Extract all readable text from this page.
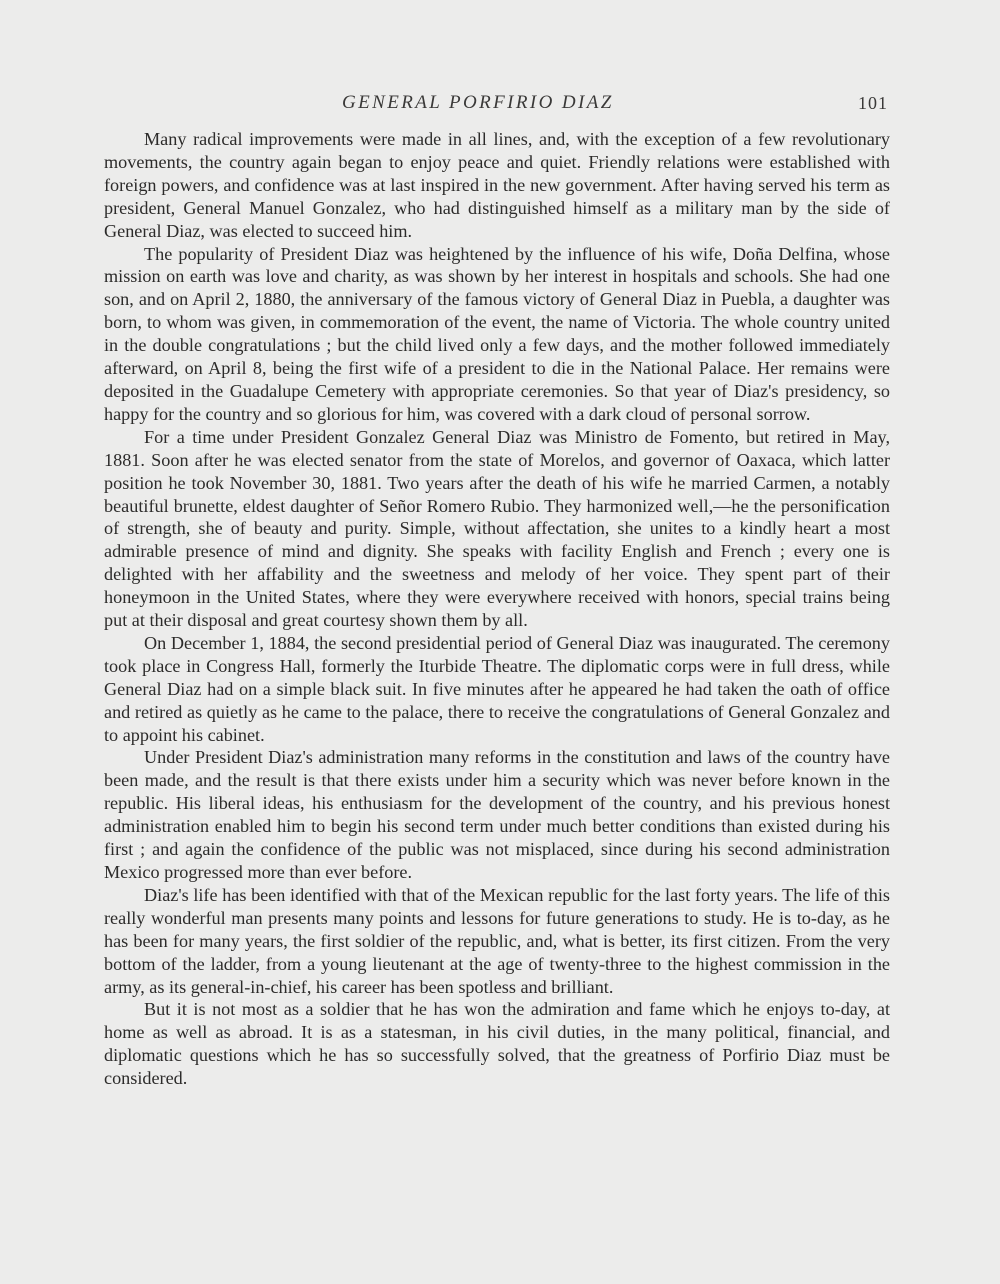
GENERAL PORFIRIO DIAZ	101

Many radical improvements were made in all lines, and, with the exception of a few revolutionary movements, the country again began to enjoy peace and quiet. Friendly relations were established with foreign powers, and confidence was at last inspired in the new government. After having served his term as president, General Manuel Gonzalez, who had distinguished himself as a military man by the side of General Diaz, was elected to succeed him.

The popularity of President Diaz was heightened by the influence of his wife, Doña Delfina, whose mission on earth was love and charity, as was shown by her interest in hospitals and schools. She had one son, and on April 2, 1880, the anniversary of the famous victory of General Diaz in Puebla, a daughter was born, to whom was given, in commemoration of the event, the name of Victoria. The whole country united in the double congratulations ; but the child lived only a few days, and the mother followed immediately afterward, on April 8, being the first wife of a president to die in the National Palace. Her remains were deposited in the Guadalupe Cemetery with appropriate ceremonies. So that year of Diaz's presidency, so happy for the country and so glorious for him, was covered with a dark cloud of personal sorrow.

For a time under President Gonzalez General Diaz was Ministro de Fomento, but retired in May, 1881. Soon after he was elected senator from the state of Morelos, and governor of Oaxaca, which latter position he took November 30, 1881. Two years after the death of his wife he married Carmen, a notably beautiful brunette, eldest daughter of Señor Romero Rubio. They harmonized well,—he the personification of strength, she of beauty and purity. Simple, without affectation, she unites to a kindly heart a most admirable presence of mind and dignity. She speaks with facility English and French ; every one is delighted with her affability and the sweetness and melody of her voice. They spent part of their honeymoon in the United States, where they were everywhere received with honors, special trains being put at their disposal and great courtesy shown them by all.

On December 1, 1884, the second presidential period of General Diaz was inaugurated. The ceremony took place in Congress Hall, formerly the Iturbide Theatre. The diplomatic corps were in full dress, while General Diaz had on a simple black suit. In five minutes after he appeared he had taken the oath of office and retired as quietly as he came to the palace, there to receive the congratulations of General Gonzalez and to appoint his cabinet.

Under President Diaz's administration many reforms in the constitution and laws of the country have been made, and the result is that there exists under him a security which was never before known in the republic. His liberal ideas, his enthusiasm for the development of the country, and his previous honest administration enabled him to begin his second term under much better conditions than existed during his first ; and again the confidence of the public was not misplaced, since during his second administration Mexico progressed more than ever before.

Diaz's life has been identified with that of the Mexican republic for the last forty years. The life of this really wonderful man presents many points and lessons for future generations to study. He is to-day, as he has been for many years, the first soldier of the republic, and, what is better, its first citizen. From the very bottom of the ladder, from a young lieutenant at the age of twenty-three to the highest commission in the army, as its general-in-chief, his career has been spotless and brilliant.

But it is not most as a soldier that he has won the admiration and fame which he enjoys to-day, at home as well as abroad. It is as a statesman, in his civil duties, in the many political, financial, and diplomatic questions which he has so successfully solved, that the greatness of Porfirio Diaz must be considered.
